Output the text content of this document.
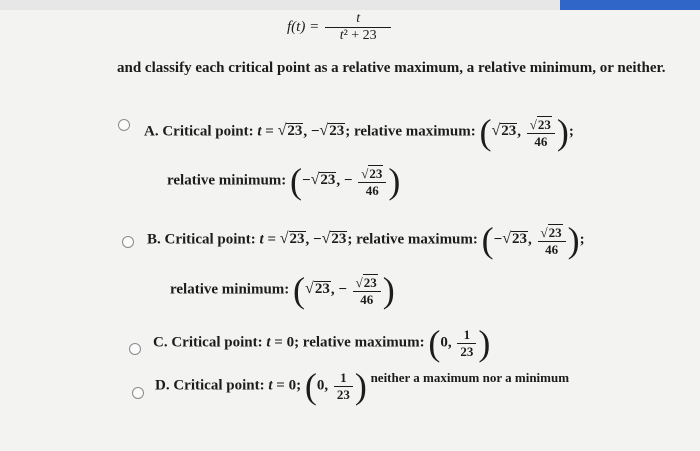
$f(t) = \frac{t}{\text{t² + 23}}$
and classify each critical point as a relative maximum, a relative minimum, or neither.
A. Critical point: t = √23, −√23; relative maximum: (√23, $\frac{√23}{46}$ );
relative minimum: (−√23, − $\frac{√23}{46}$ )
B. Critical point: t = √23, −√23; relative maximum: (−√23, $\frac{√23}{46}$ );
relative minimum: (√23, − $\frac{√23}{46}$ )
C. Critical point: t = 0; relative maximum: (0, $\frac{1}{23}$ )
D. Critical point: t = 0; (0, $\frac{1}{23}$ ) neither a maximum nor a minimum
